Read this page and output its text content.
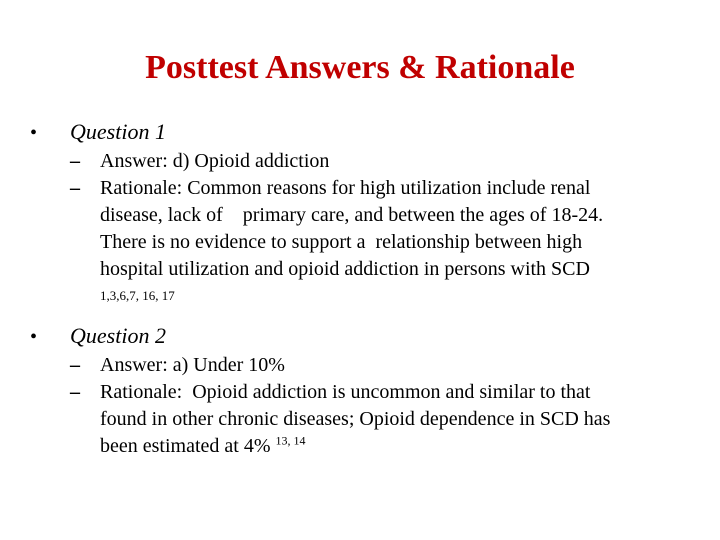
Posttest Answers & Rationale
•	Question 1
–	Answer: d) Opioid addiction
–	Rationale: Common reasons for high utilization include renal
disease, lack of    primary care, and between the ages of 18-24.
There is no evidence to support a  relationship between high
hospital utilization and opioid addiction in persons with SCD
1,3,6,7, 16, 17
•	Question 2
–	Answer: a) Under 10%
–	Rationale:  Opioid addiction is uncommon and similar to that
found in other chronic diseases; Opioid dependence in SCD has
been estimated at 4% $^{13, 14}$
